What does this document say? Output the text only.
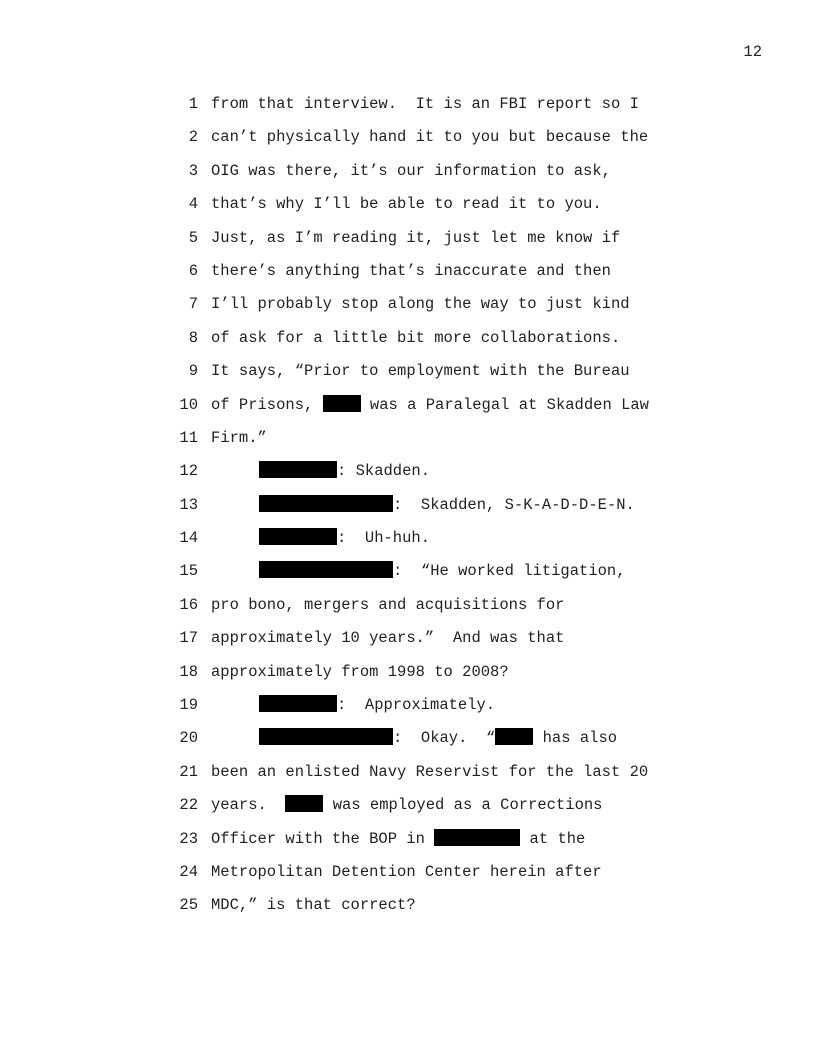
12
1 from that interview.  It is an FBI report so I
2 can’t physically hand it to you but because the
3 OIG was there, it’s our information to ask,
4 that’s why I’ll be able to read it to you.
5 Just, as I’m reading it, just let me know if
6 there’s anything that’s inaccurate and then
7 I’ll probably stop along the way to just kind
8 of ask for a little bit more collaborations.
9 It says, “Prior to employment with the Bureau
10 of Prisons,  was a Paralegal at Skadden Law
11 Firm.”
12	: Skadden.
13	:  Skadden, S-K-A-D-D-E-N.
14	:  Uh-huh.
15	:  “He worked litigation,
16 pro bono, mergers and acquisitions for
17 approximately 10 years.”  And was that
18 approximately from 1998 to 2008?
19	:  Approximately.
20	:  Okay.  “ has also
21 been an enlisted Navy Reservist for the last 20
22 years.   was employed as a Corrections
23 Officer with the BOP in	at the
24 Metropolitan Detention Center herein after
25 MDC,” is that correct?
